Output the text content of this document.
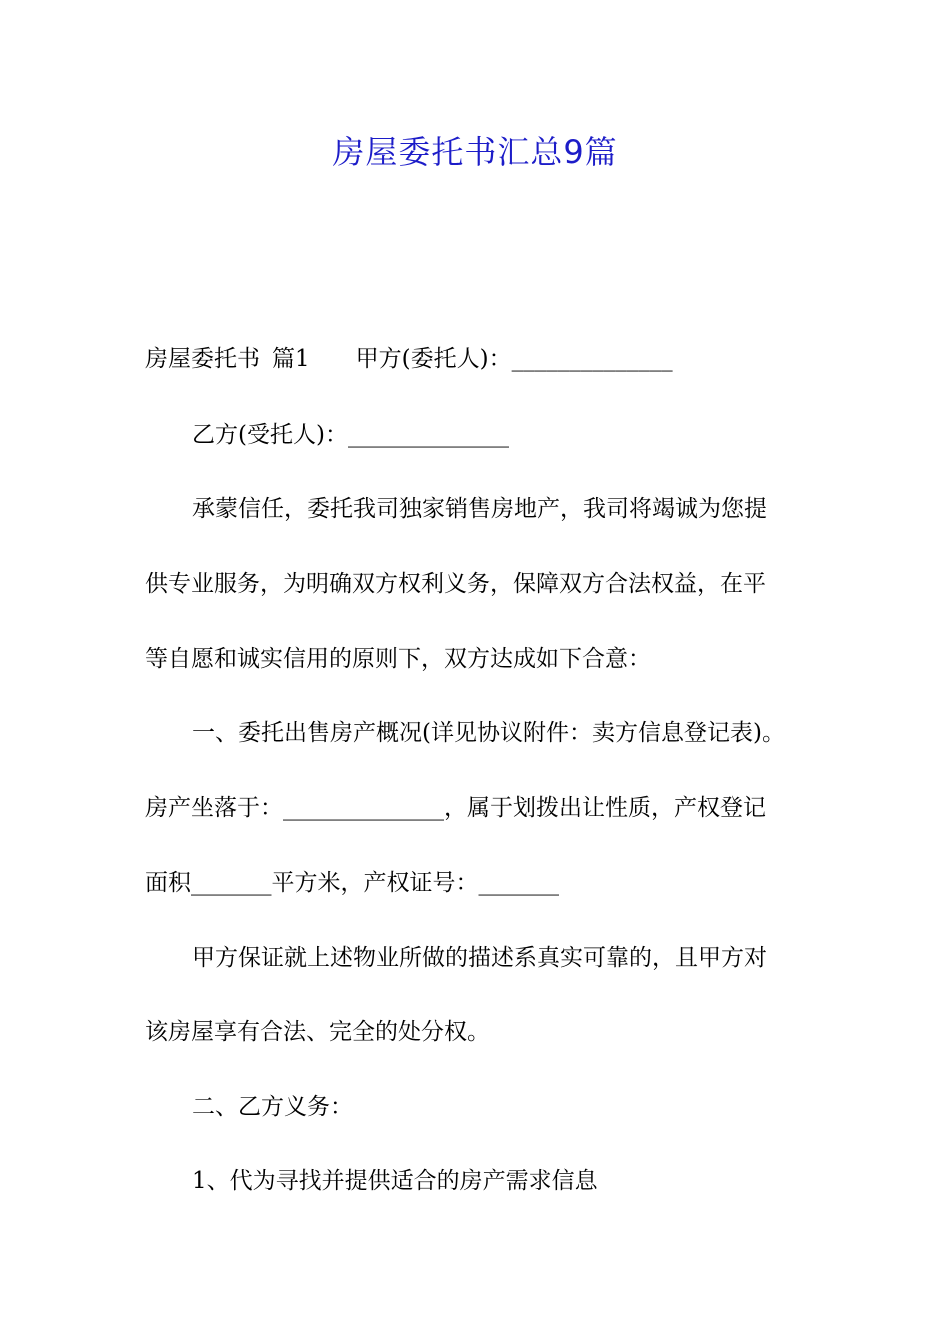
房屋委托书汇总9篇

房屋委托书 篇1 甲方(委托人)：______________

乙方(受托人)：______________

承蒙信任，委托我司独家销售房地产，我司将竭诚为您提

供专业服务，为明确双方权利义务，保障双方合法权益，在平

等自愿和诚实信用的原则下，双方达成如下合意：

一、委托出售房产概况(详见协议附件：卖方信息登记表)。

房产坐落于：______________，属于划拨出让性质，产权登记

面积_______平方米，产权证号：_______

甲方保证就上述物业所做的描述系真实可靠的，且甲方对

该房屋享有合法、完全的处分权。

二、乙方义务：

1、代为寻找并提供适合的房产需求信息
